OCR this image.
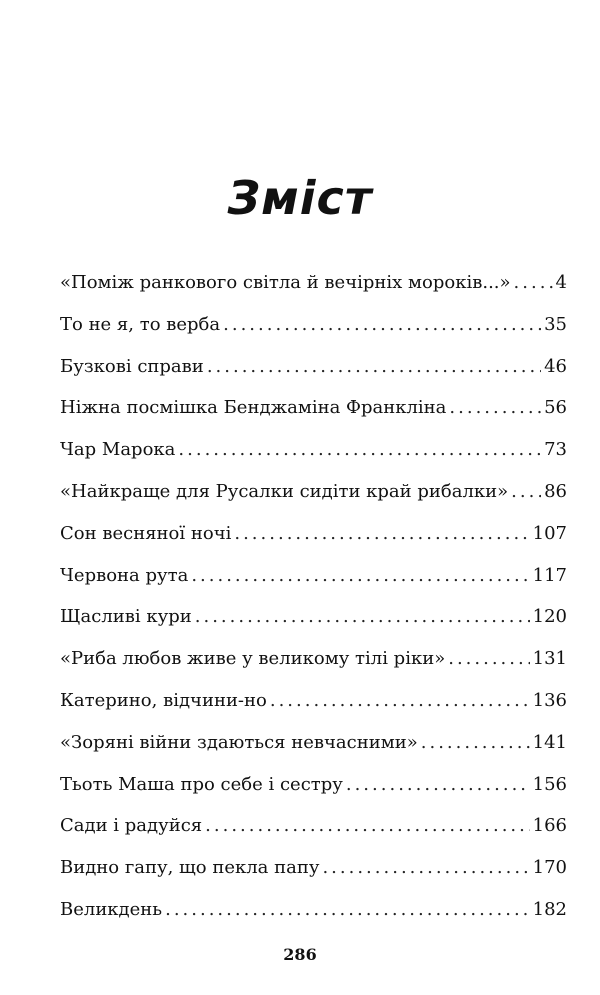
Зміст
«Поміж ранкового світла й вечірніх мороків...» .....	4
То не я, то верба .....	35
Бузкові справи .....	46
Ніжна посмішка Бенджаміна Франкліна .....	56
Чар Марока .....	73
«Найкраще для Русалки сидіти край рибалки» ..... 86
Сон весняної ночі .....	107
Червона рута .....	117
Щасливі кури .....	120
«Риба любов живе у великому тілі ріки» .....	131
Катерино, відчини-но .....	136
«Зоряні війни здаються невчасними» .....	141
Тьоть Маша про себе і сестру .....	156
Сади і радуйся .....	166
Видно гапу, що пекла папу .....	170
Великдень .....	182
286
